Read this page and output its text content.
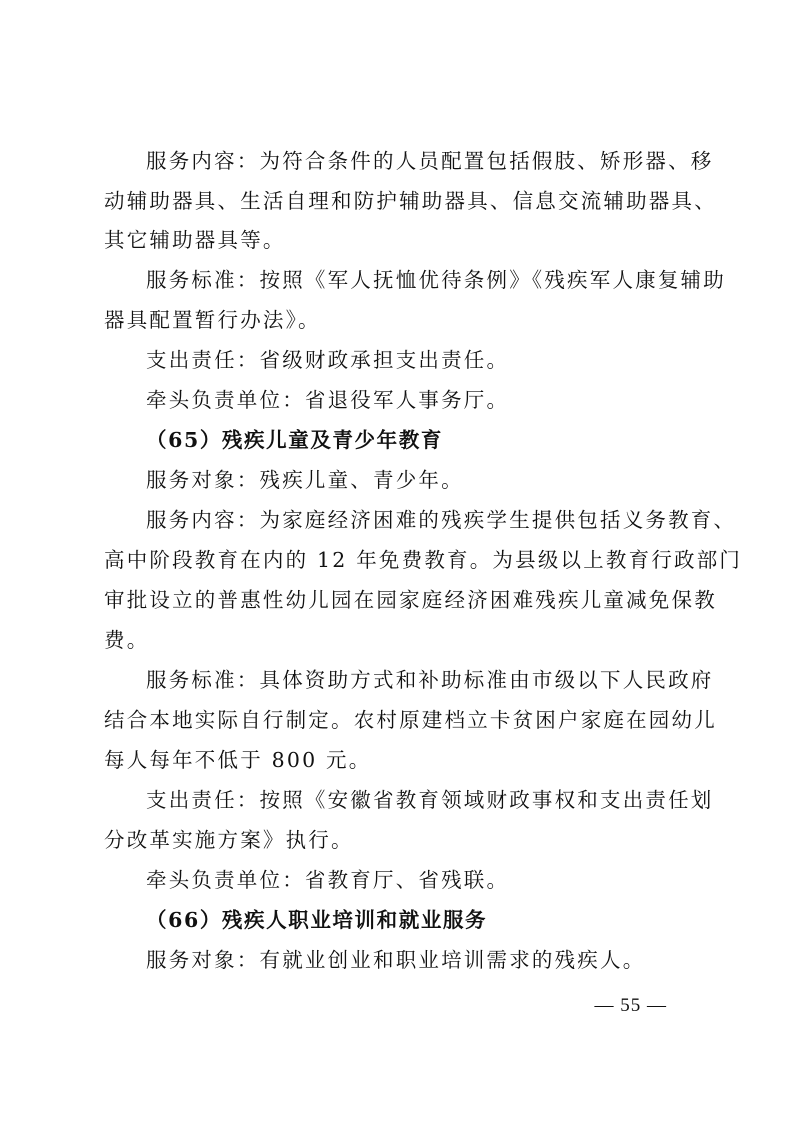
服务内容：为符合条件的人员配置包括假肢、矫形器、移
动辅助器具、生活自理和防护辅助器具、信息交流辅助器具、
其它辅助器具等。
服务标准：按照《军人抚恤优待条例》《残疾军人康复辅助
器具配置暂行办法》。
支出责任：省级财政承担支出责任。
牵头负责单位：省退役军人事务厅。
（65）残疾儿童及青少年教育
服务对象：残疾儿童、青少年。
服务内容：为家庭经济困难的残疾学生提供包括义务教育、
高中阶段教育在内的 12 年免费教育。为县级以上教育行政部门
审批设立的普惠性幼儿园在园家庭经济困难残疾儿童减免保教
费。
服务标准：具体资助方式和补助标准由市级以下人民政府
结合本地实际自行制定。农村原建档立卡贫困户家庭在园幼儿
每人每年不低于 800 元。
支出责任：按照《安徽省教育领域财政事权和支出责任划
分改革实施方案》执行。
牵头负责单位：省教育厅、省残联。
（66）残疾人职业培训和就业服务
服务对象：有就业创业和职业培训需求的残疾人。
— 55 —
